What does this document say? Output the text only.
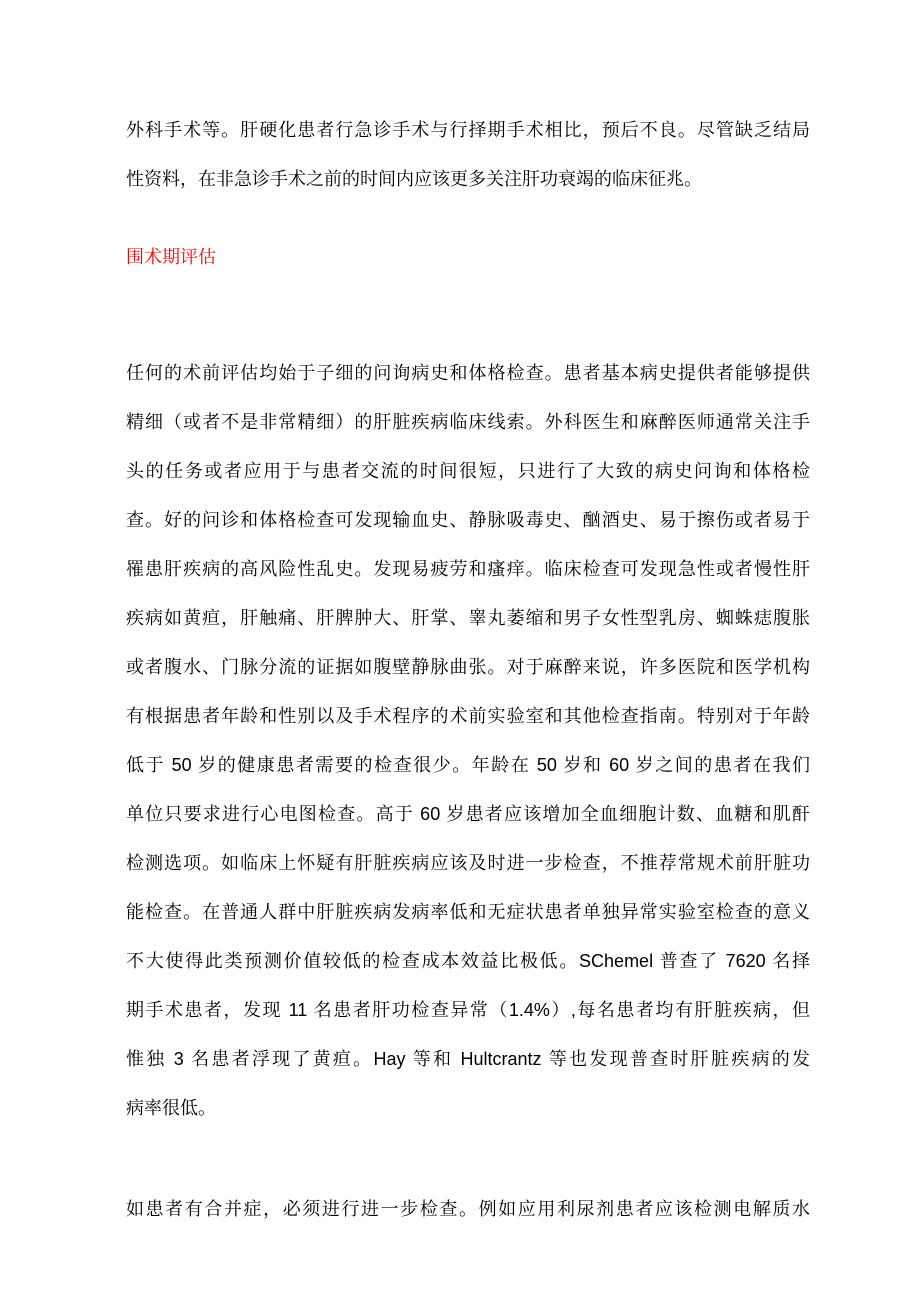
外科手术等。肝硬化患者行急诊手术与行择期手术相比，预后不良。尽管缺乏结局
性资料，在非急诊手术之前的时间内应该更多关注肝功衰竭的临床征兆。
围术期评估
任何的术前评估均始于子细的问询病史和体格检查。患者基本病史提供者能够提供
精细（或者不是非常精细）的肝脏疾病临床线索。外科医生和麻醉医师通常关注手
头的任务或者应用于与患者交流的时间很短，只进行了大致的病史问询和体格检
查。好的问诊和体格检查可发现输血史、静脉吸毒史、酗酒史、易于擦伤或者易于
罹患肝疾病的高风险性乱史。发现易疲劳和瘙痒。临床检查可发现急性或者慢性肝
疾病如黄疸，肝触痛、肝脾肿大、肝掌、睾丸萎缩和男子女性型乳房、蜘蛛痣腹胀
或者腹水、门脉分流的证据如腹壁静脉曲张。对于麻醉来说，许多医院和医学机构
有根据患者年龄和性别以及手术程序的术前实验室和其他检查指南。特别对于年龄
低于 50 岁的健康患者需要的检查很少。年龄在 50 岁和 60 岁之间的患者在我们
单位只要求进行心电图检查。高于 60 岁患者应该增加全血细胞计数、血糖和肌酐
检测选项。如临床上怀疑有肝脏疾病应该及时进一步检查，不推荐常规术前肝脏功
能检查。在普通人群中肝脏疾病发病率低和无症状患者单独异常实验室检查的意义
不大使得此类预测价值较低的检查成本效益比极低。SChemel 普查了 7620 名择
期手术患者，发现 11 名患者肝功检查异常（1.4%）,每名患者均有肝脏疾病，但
惟独 3 名患者浮现了黄疸。Hay 等和 Hultcrantz 等也发现普查时肝脏疾病的发
病率很低。
如患者有合并症，必须进行进一步检查。例如应用利尿剂患者应该检测电解质水
